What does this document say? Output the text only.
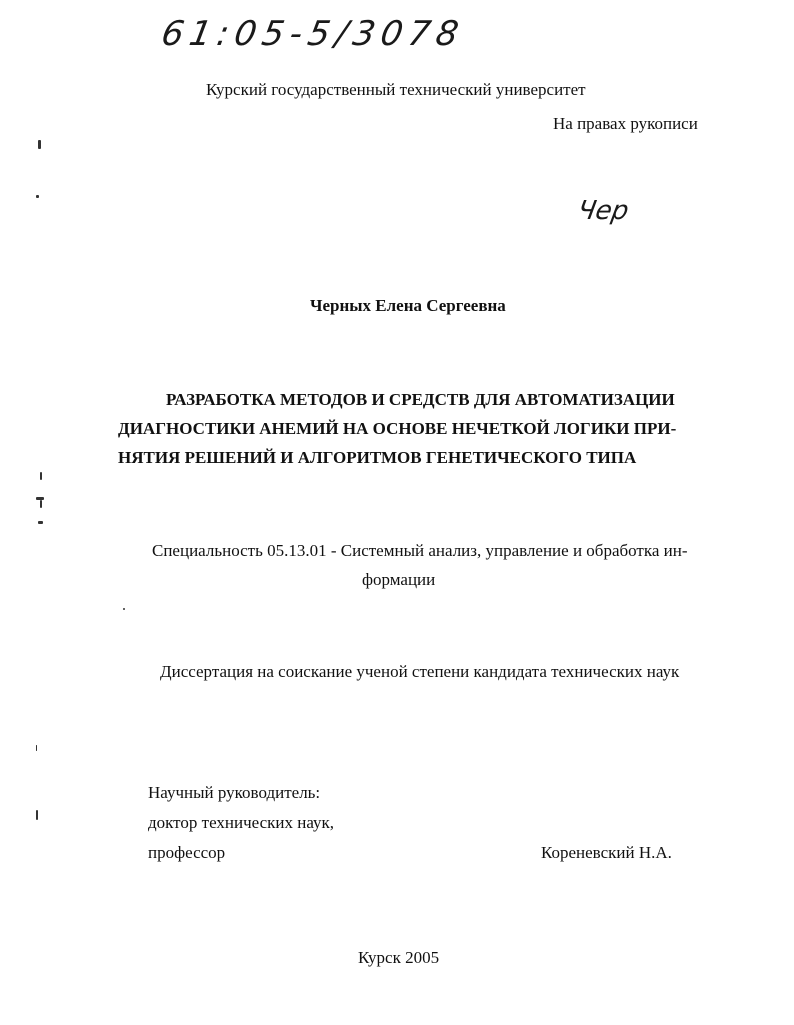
61:05-5/3078
Чер
Курский государственный технический университет
На правах рукописи
Черных Елена Сергеевна
РАЗРАБОТКА МЕТОДОВ И СРЕДСТВ ДЛЯ АВТОМАТИЗАЦИИ
ДИАГНОСТИКИ АНЕМИЙ НА ОСНОВЕ НЕЧЕТКОЙ ЛОГИКИ ПРИ-
НЯТИЯ РЕШЕНИЙ И АЛГОРИТМОВ ГЕНЕТИЧЕСКОГО ТИПА
Специальность 05.13.01 - Системный анализ, управление и обработка ин-
формации
Диссертация на соискание ученой степени кандидата технических наук
Научный руководитель:
доктор технических наук,
профессор	Кореневский Н.А.
Курск 2005
